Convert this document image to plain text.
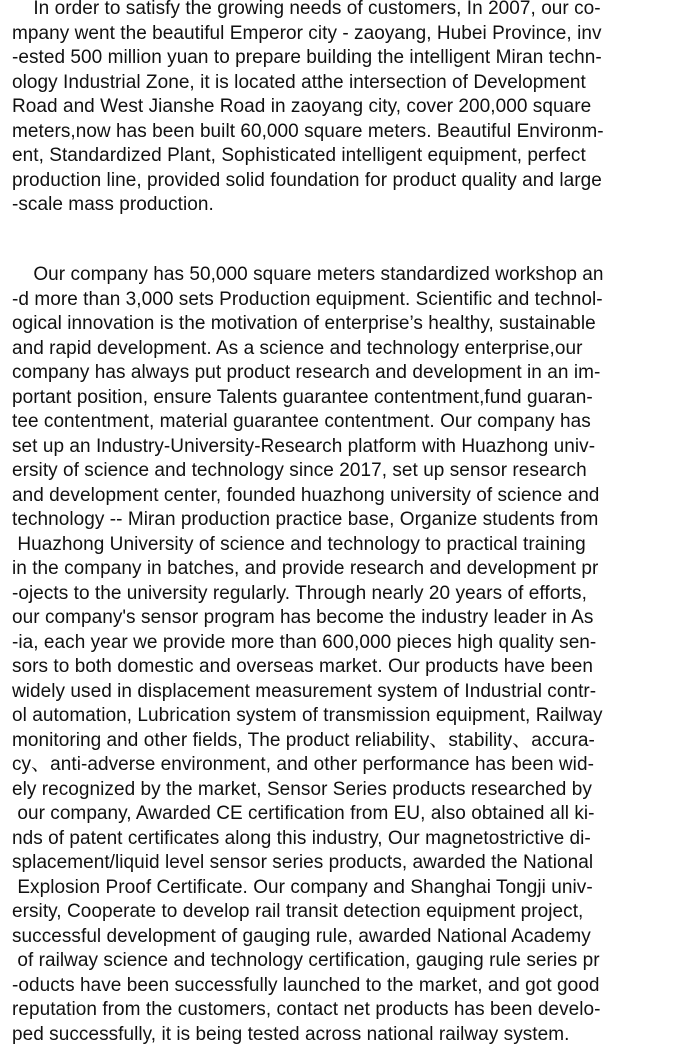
In order to satisfy the growing needs of customers, In 2007, our co-
mpany went the beautiful Emperor city - zaoyang, Hubei Province, inv
-ested 500 million yuan to prepare building the intelligent Miran techn-
ology Industrial Zone, it is located atthe intersection of Development
Road and West Jianshe Road in zaoyang city, cover 200,000 square
meters,now has been built 60,000 square meters. Beautiful Environm-
ent, Standardized Plant, Sophisticated intelligent equipment, perfect
production line, provided solid foundation for product quality and large
-scale mass production.
Our company has 50,000 square meters standardized workshop an
-d more than 3,000 sets Production equipment. Scientific and technol-
ogical innovation is the motivation of enterprise’s healthy, sustainable
and rapid development. As a science and technology enterprise,our
company has always put product research and development in an im-
portant position, ensure Talents guarantee contentment,fund guaran-
tee contentment, material guarantee contentment. Our company has
set up an Industry-University-Research platform with Huazhong univ-
ersity of science and technology since 2017, set up sensor research
and development center, founded huazhong university of science and
technology -- Miran production practice base, Organize students from
Huazhong University of science and technology to practical training
in the company in batches, and provide research and development pr
-ojects to the university regularly. Through nearly 20 years of efforts,
our company's sensor program has become the industry leader in As
-ia, each year we provide more than 600,000 pieces high quality sen-
sors to both domestic and overseas market. Our products have been
widely used in displacement measurement system of Industrial contr-
ol automation, Lubrication system of transmission equipment, Railway
monitoring and other fields, The product reliability、stability、accura-
cy、anti-adverse environment, and other performance has been wid-
ely recognized by the market, Sensor Series products researched by
our company, Awarded CE certification from EU, also obtained all ki-
nds of patent certificates along this industry, Our magnetostrictive di-
splacement/liquid level sensor series products, awarded the National
Explosion Proof Certificate. Our company and Shanghai Tongji univ-
ersity, Cooperate to develop rail transit detection equipment project,
successful development of gauging rule, awarded National Academy
of railway science and technology certification, gauging rule series pr
-oducts have been successfully launched to the market, and got good
reputation from the customers, contact net products has been develo-
ped successfully, it is being tested across national railway system.
